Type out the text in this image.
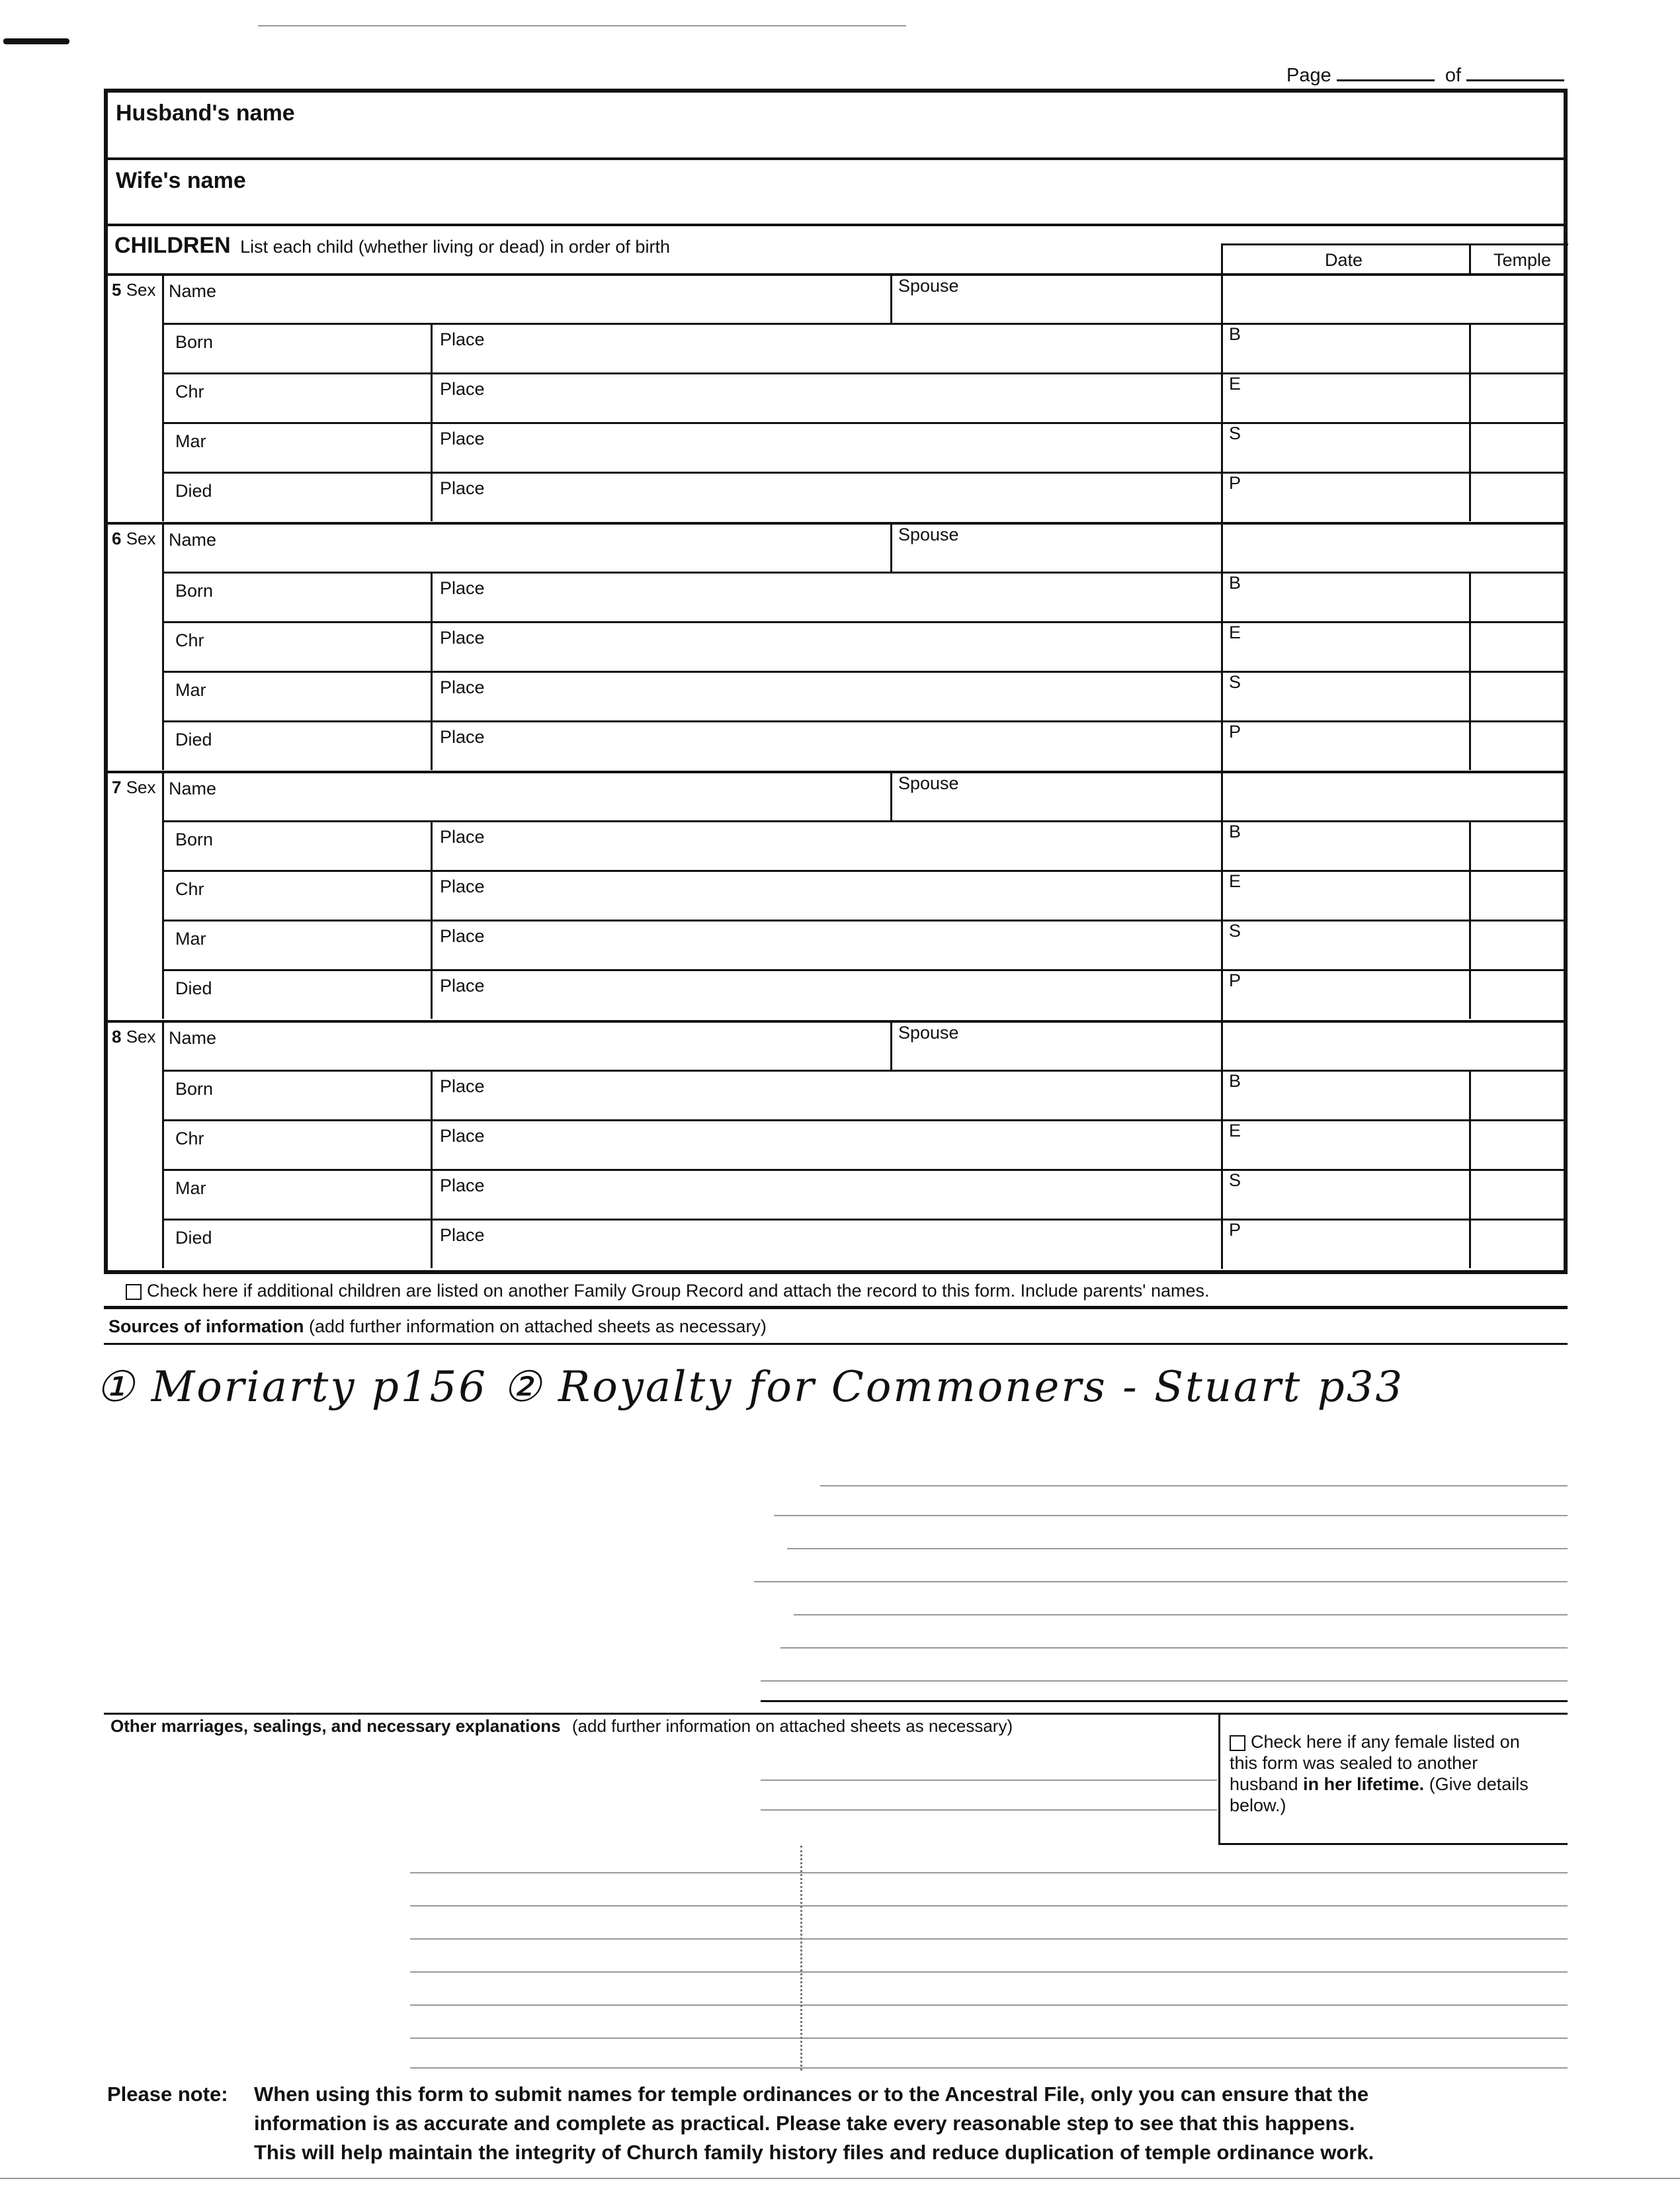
Page	of
Husband's name
Wife's name
CHILDREN List each child (whether living or dead) in order of birth
Date	Temple
5 Sex Name	Spouse
Born	Place	B
Chr	Place	E
Mar	Place	S
Died	Place	P
6 Sex Name	Spouse
Born	Place	B
Chr	Place	E
Mar	Place	S
Died	Place	P
7 Sex Name	Spouse
Born	Place	B
Chr	Place	E
Mar	Place	S
Died	Place	P
8 Sex Name	Spouse
Born	Place	B
Chr	Place	E
Mar	Place	S
Died	Place	P
Check here if additional children are listed on another Family Group Record and attach the record to this form. Include parents' names.
Sources of information (add further information on attached sheets as necessary)
① Moriarty p156 ② Royalty for Commoners - Stuart p33
Other marriages, sealings, and necessary explanations (add further information on attached sheets as necessary)
Check here if any female listed on this form was sealed to another husband in her lifetime. (Give details below.)
Please note: When using this form to submit names for temple ordinances or to the Ancestral File, only you can ensure that the
information is as accurate and complete as practical. Please take every reasonable step to see that this happens.
This will help maintain the integrity of Church family history files and reduce duplication of temple ordinance work.
